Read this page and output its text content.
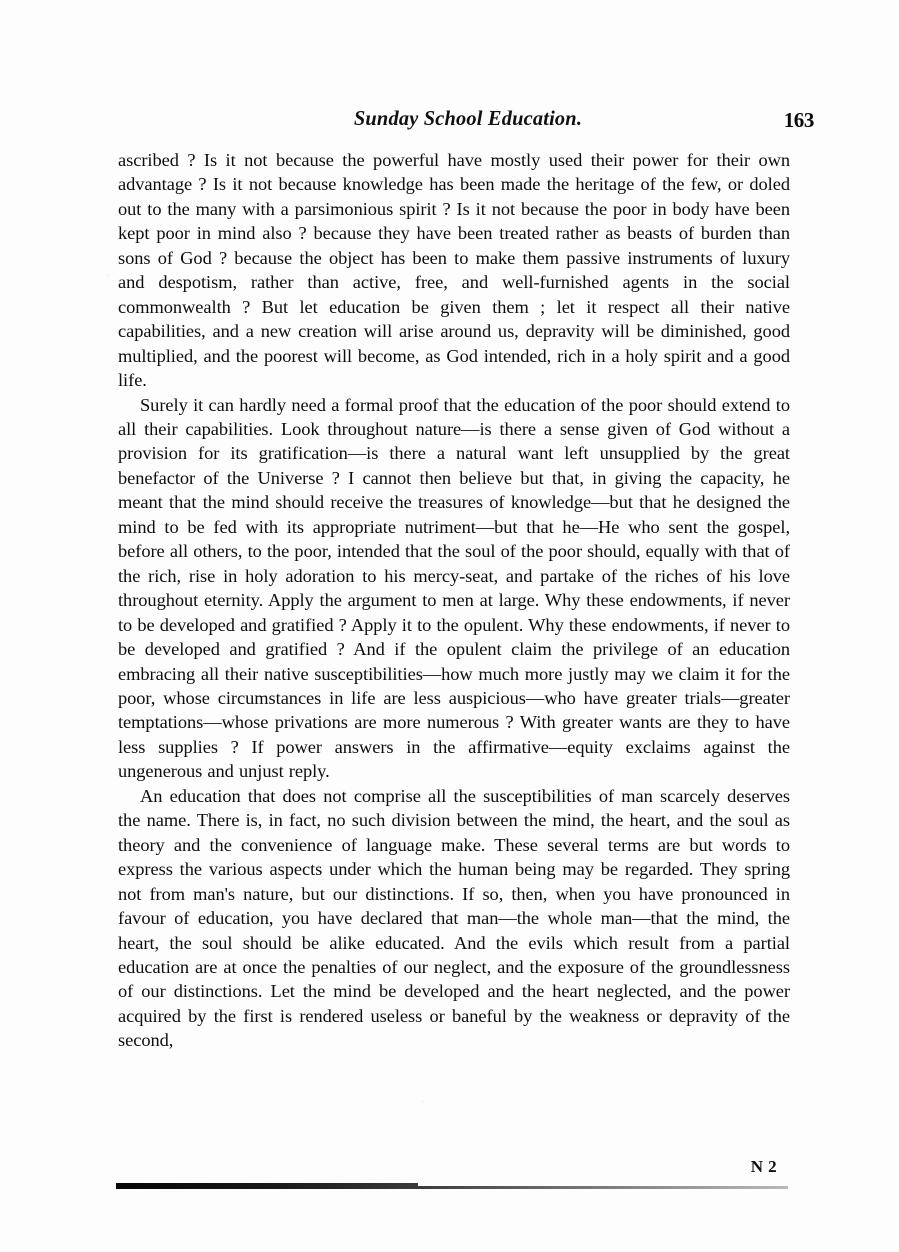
Sunday School Education.	163

ascribed ? Is it not because the powerful have mostly used their power for their own advantage ? Is it not because knowledge has been made the heritage of the few, or doled out to the many with a parsimonious spirit ? Is it not because the poor in body have been kept poor in mind also ? because they have been treated rather as beasts of burden than sons of God ? because the object has been to make them passive instruments of luxury and despotism, rather than active, free, and well-furnished agents in the social commonwealth ? But let education be given them ; let it respect all their native capabilities, and a new creation will arise around us, depravity will be diminished, good multiplied, and the poorest will become, as God intended, rich in a holy spirit and a good life.

Surely it can hardly need a formal proof that the education of the poor should extend to all their capabilities. Look throughout nature—is there a sense given of God without a provision for its gratification—is there a natural want left unsupplied by the great benefactor of the Universe ? I cannot then believe but that, in giving the capacity, he meant that the mind should receive the treasures of knowledge—but that he designed the mind to be fed with its appropriate nutriment—but that he—He who sent the gospel, before all others, to the poor, intended that the soul of the poor should, equally with that of the rich, rise in holy adoration to his mercy-seat, and partake of the riches of his love throughout eternity. Apply the argument to men at large. Why these endowments, if never to be developed and gratified ? Apply it to the opulent. Why these endowments, if never to be developed and gratified ? And if the opulent claim the privilege of an education embracing all their native susceptibilities—how much more justly may we claim it for the poor, whose circumstances in life are less auspicious—who have greater trials—greater temptations—whose privations are more numerous ? With greater wants are they to have less supplies ? If power answers in the affirmative—equity exclaims against the ungenerous and unjust reply.

An education that does not comprise all the susceptibilities of man scarcely deserves the name. There is, in fact, no such division between the mind, the heart, and the soul as theory and the convenience of language make. These several terms are but words to express the various aspects under which the human being may be regarded. They spring not from man's nature, but our distinctions. If so, then, when you have pronounced in favour of education, you have declared that man—the whole man—that the mind, the heart, the soul should be alike educated. And the evils which result from a partial education are at once the penalties of our neglect, and the exposure of the groundlessness of our distinctions. Let the mind be developed and the heart neglected, and the power acquired by the first is rendered useless or baneful by the weakness or depravity of the second,

N 2
